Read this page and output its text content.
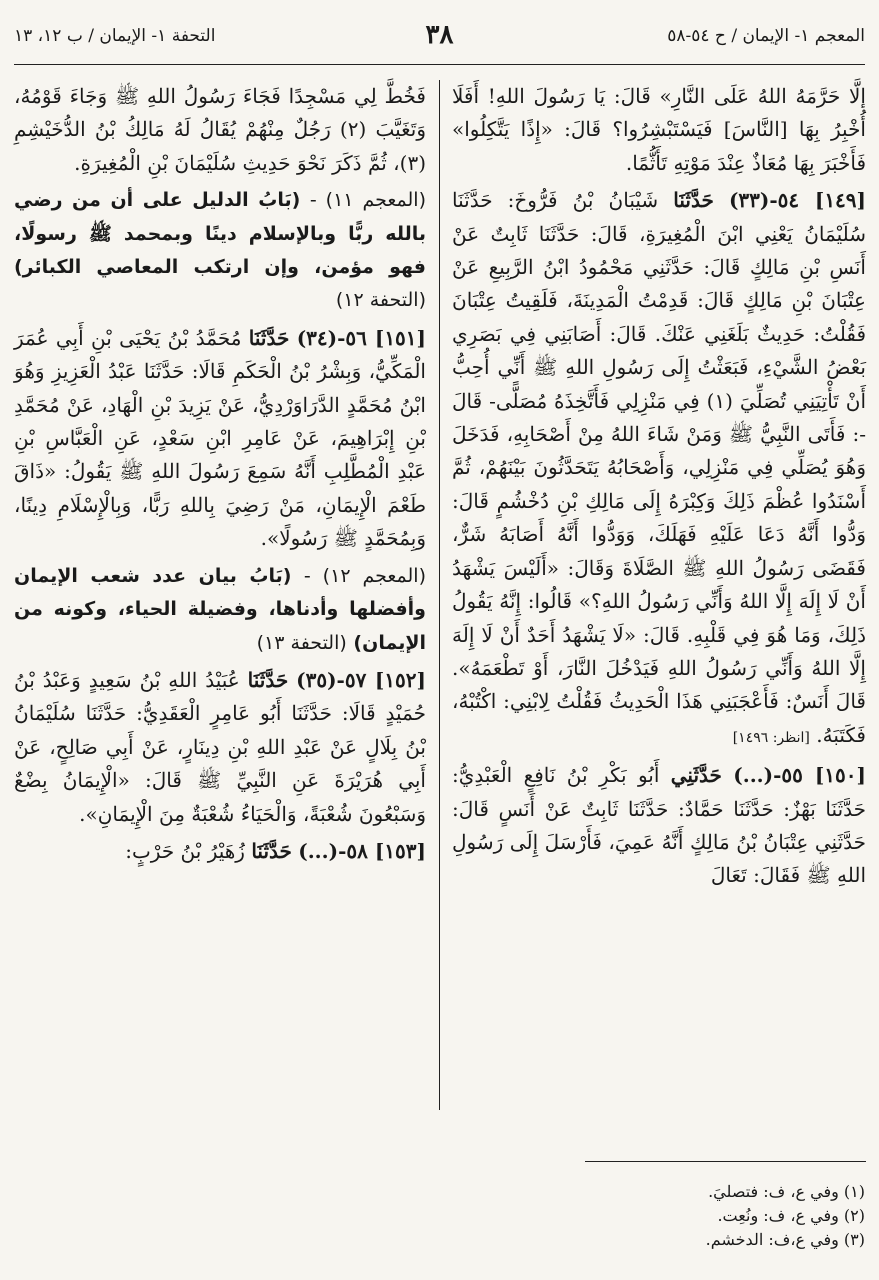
المعجم ١- الإيمان / ح ٥٤-٥٨
٣٨
التحفة ١- الإيمان / ب ١٢، ١٣

إلَّا حَرَّمَهُ اللهُ عَلَى النَّارِ» قَالَ: يَا رَسُولَ اللهِ! أَفَلَا أُخْبِرُ بِهَا [النَّاسَ] فَيَسْتَبْشِرُوا؟ قَالَ: «إِذًا يَتَّكِلُوا» فَأَخْبَرَ بِهَا مُعَاذٌ عِنْدَ مَوْتِهِ تَأَثُّمًا.

[١٤٩] ٥٤-(٣٣) حَدَّثَنَا شَيْبَانُ بْنُ فَرُّوخَ: حَدَّثَنَا سُلَيْمَانُ يَعْنِي ابْنَ الْمُغِيرَةِ، قَالَ: حَدَّثَنَا ثَابِتٌ عَنْ أَنَسِ بْنِ مَالِكٍ قَالَ: حَدَّثَنِي مَحْمُودُ ابْنُ الرَّبِيعِ عَنْ عِتْبَانَ بْنِ مَالِكٍ قَالَ: قَدِمْتُ الْمَدِينَةَ، فَلَقِيتُ عِتْبَانَ فَقُلْتُ: حَدِيثٌ بَلَغَنِي عَنْكَ. قَالَ: أَصَابَنِي فِي بَصَرِي بَعْضُ الشَّيْءِ، فَبَعَثْتُ إِلَى رَسُولِ اللهِ ﷺ أَنِّي أُحِبُّ أَنْ تَأْتِيَنِي تُصَلِّيَ (١) فِي مَنْزِلِي فَأَتَّخِذَهُ مُصَلًّى- قَالَ -: فَأَتَى النَّبِيُّ ﷺ وَمَنْ شَاءَ اللهُ مِنْ أَصْحَابِهِ، فَدَخَلَ وَهُوَ يُصَلِّي فِي مَنْزِلِي، وَأَصْحَابُهُ يَتَحَدَّثُونَ بَيْنَهُمْ، ثُمَّ أَسْنَدُوا عُظْمَ ذَلِكَ وَكِبْرَهُ إِلَى مَالِكِ بْنِ دُخْشُمٍ قَالَ: وَدُّوا أَنَّهُ دَعَا عَلَيْهِ فَهَلَكَ، وَوَدُّوا أَنَّهُ أَصَابَهُ شَرٌّ، فَقَضَى رَسُولُ اللهِ ﷺ الصَّلَاةَ وَقَالَ: «أَلَيْسَ يَشْهَدُ أَنْ لَا إِلَهَ إِلَّا اللهُ وَأَنِّي رَسُولُ اللهِ؟» قَالُوا: إِنَّهُ يَقُولُ ذَلِكَ، وَمَا هُوَ فِي قَلْبِهِ. قَالَ: «لَا يَشْهَدُ أَحَدٌ أَنْ لَا إِلَهَ إِلَّا اللهُ وَأَنِّي رَسُولُ اللهِ فَيَدْخُلَ النَّارَ، أَوْ تَطْعَمَهُ». قَالَ أَنَسٌ: فَأَعْجَبَنِي هَذَا الْحَدِيثُ فَقُلْتُ لِابْنِي: اكْتُبْهُ، فَكَتَبَهُ. [انظر: ١٤٩٦]

[١٥٠] ٥٥-(...) حَدَّثَنِي أَبُو بَكْرِ بْنُ نَافِعٍ الْعَبْدِيُّ: حَدَّثَنَا بَهْزٌ: حَدَّثَنَا حَمَّادٌ: حَدَّثَنَا ثَابِتٌ عَنْ أَنَسٍ قَالَ: حَدَّثَنِي عِتْبَانُ بْنُ مَالِكٍ أَنَّهُ عَمِيَ، فَأَرْسَلَ إِلَى رَسُولِ اللهِ ﷺ فَقَالَ: تَعَالَ

فَخُطَّ لِي مَسْجِدًا فَجَاءَ رَسُولُ اللهِ ﷺ وَجَاءَ قَوْمُهُ، وَتَغَيَّبَ (٢) رَجُلٌ مِنْهُمْ يُقَالُ لَهُ مَالِكُ بْنُ الدُّخَيْشِمِ (٣)، ثُمَّ ذَكَرَ نَحْوَ حَدِيثِ سُلَيْمَانَ بْنِ الْمُغِيرَةِ.

(المعجم ١١) - (بَابُ الدليل على أن من رضي بالله ربًّا وبالإسلام دينًا وبمحمد ﷺ رسولًا، فهو مؤمن، وإن ارتكب المعاصي الكبائر) (التحفة ١٢)

[١٥١] ٥٦-(٣٤) حَدَّثَنَا مُحَمَّدُ بْنُ يَحْيَى بْنِ أَبِي عُمَرَ الْمَكِّيُّ، وَبِشْرُ بْنُ الْحَكَمِ قَالَا: حَدَّثَنَا عَبْدُ الْعَزِيزِ وَهُوَ ابْنُ مُحَمَّدٍ الدَّرَاوَرْدِيُّ، عَنْ يَزِيدَ بْنِ الْهَادِ، عَنْ مُحَمَّدِ بْنِ إِبْرَاهِيمَ، عَنْ عَامِرِ ابْنِ سَعْدٍ، عَنِ الْعَبَّاسِ بْنِ عَبْدِ الْمُطَّلِبِ أَنَّهُ سَمِعَ رَسُولَ اللهِ ﷺ يَقُولُ: «ذَاقَ طَعْمَ الْإِيمَانِ، مَنْ رَضِيَ بِاللهِ رَبًّا، وَبِالْإِسْلَامِ دِينًا، وَبِمُحَمَّدٍ ﷺ رَسُولًا».

(المعجم ١٢) - (بَابُ بيان عدد شعب الإيمان وأفضلها وأدناها، وفضيلة الحياء، وكونه من الإيمان) (التحفة ١٣)

[١٥٢] ٥٧-(٣٥) حَدَّثَنَا عُبَيْدُ اللهِ بْنُ سَعِيدٍ وَعَبْدُ بْنُ حُمَيْدٍ قَالَا: حَدَّثَنَا أَبُو عَامِرٍ الْعَقَدِيُّ: حَدَّثَنَا سُلَيْمَانُ بْنُ بِلَالٍ عَنْ عَبْدِ اللهِ بْنِ دِينَارٍ، عَنْ أَبِي صَالِحٍ، عَنْ أَبِي هُرَيْرَةَ عَنِ النَّبِيِّ ﷺ قَالَ: «الْإِيمَانُ بِضْعٌ وَسَبْعُونَ شُعْبَةً، وَالْحَيَاءُ شُعْبَةٌ مِنَ الْإِيمَانِ».

[١٥٣] ٥٨-(...) حَدَّثَنَا زُهَيْرُ بْنُ حَرْبٍ:

(١) وفي ع، ف: فتصليَ.
(٢) وفي ع، ف: ونُعِت.
(٣) وفي ع،ف: الدخشم.
